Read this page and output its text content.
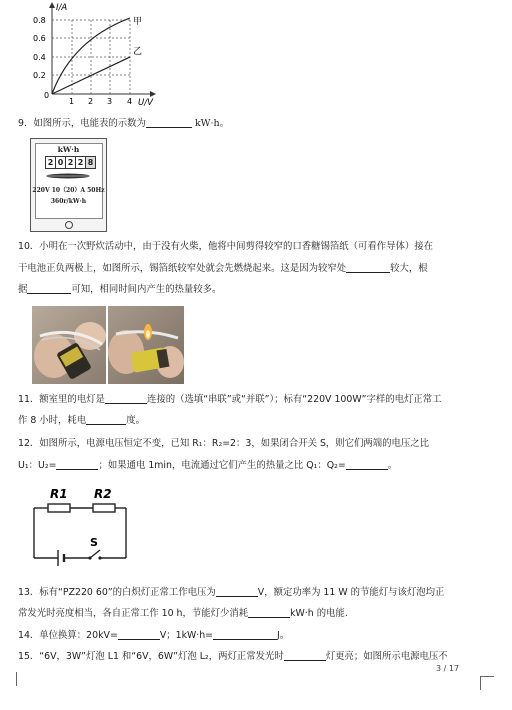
I/A
U/V
0.8
0.6
0.4
0.2
0
1 2 3 4
甲
乙
9．如图所示，电能表的示数为	kW·h。
kW·h
2 0 2 2 8
220V 10（20）A 50Hz
360r/kW·h
10．小明在一次野炊活动中，由于没有火柴，他将中间剪得较窄的口香糖锡箔纸（可看作导体）接在
干电池正负两极上，如图所示，锡箔纸较窄处就会先燃烧起来。这是因为较窄处	较大，根
据	可知，相同时间内产生的热量较多。
11．额室里的电灯是	连接的（选填“串联”或“并联”）；标有“220V 100W”字样的电灯正常工
作 8 小时，耗电	度。
12．如图所示，电源电压恒定不变，已知 R₁：R₂=2：3，如果闭合开关 S，则它们两端的电压之比
U₁：U₂=	；如果通电 1min，电流通过它们产生的热量之比 Q₁：Q₂=	。
R1 R2
S
13．标有“PZ220 60”的白炽灯正常工作电压为	V，额定功率为 11 W 的节能灯与该灯泡均正
常发光时亮度相当，各自正常工作 10 h，节能灯少消耗	kW·h 的电能.
14．单位换算：20kV=	V；1kW·h=	J。
15．“6V，3W”灯泡 L1 和“6V，6W”灯泡 L₂，两灯正常发光时	灯更亮；如图所示电源电压不
3 / 17
